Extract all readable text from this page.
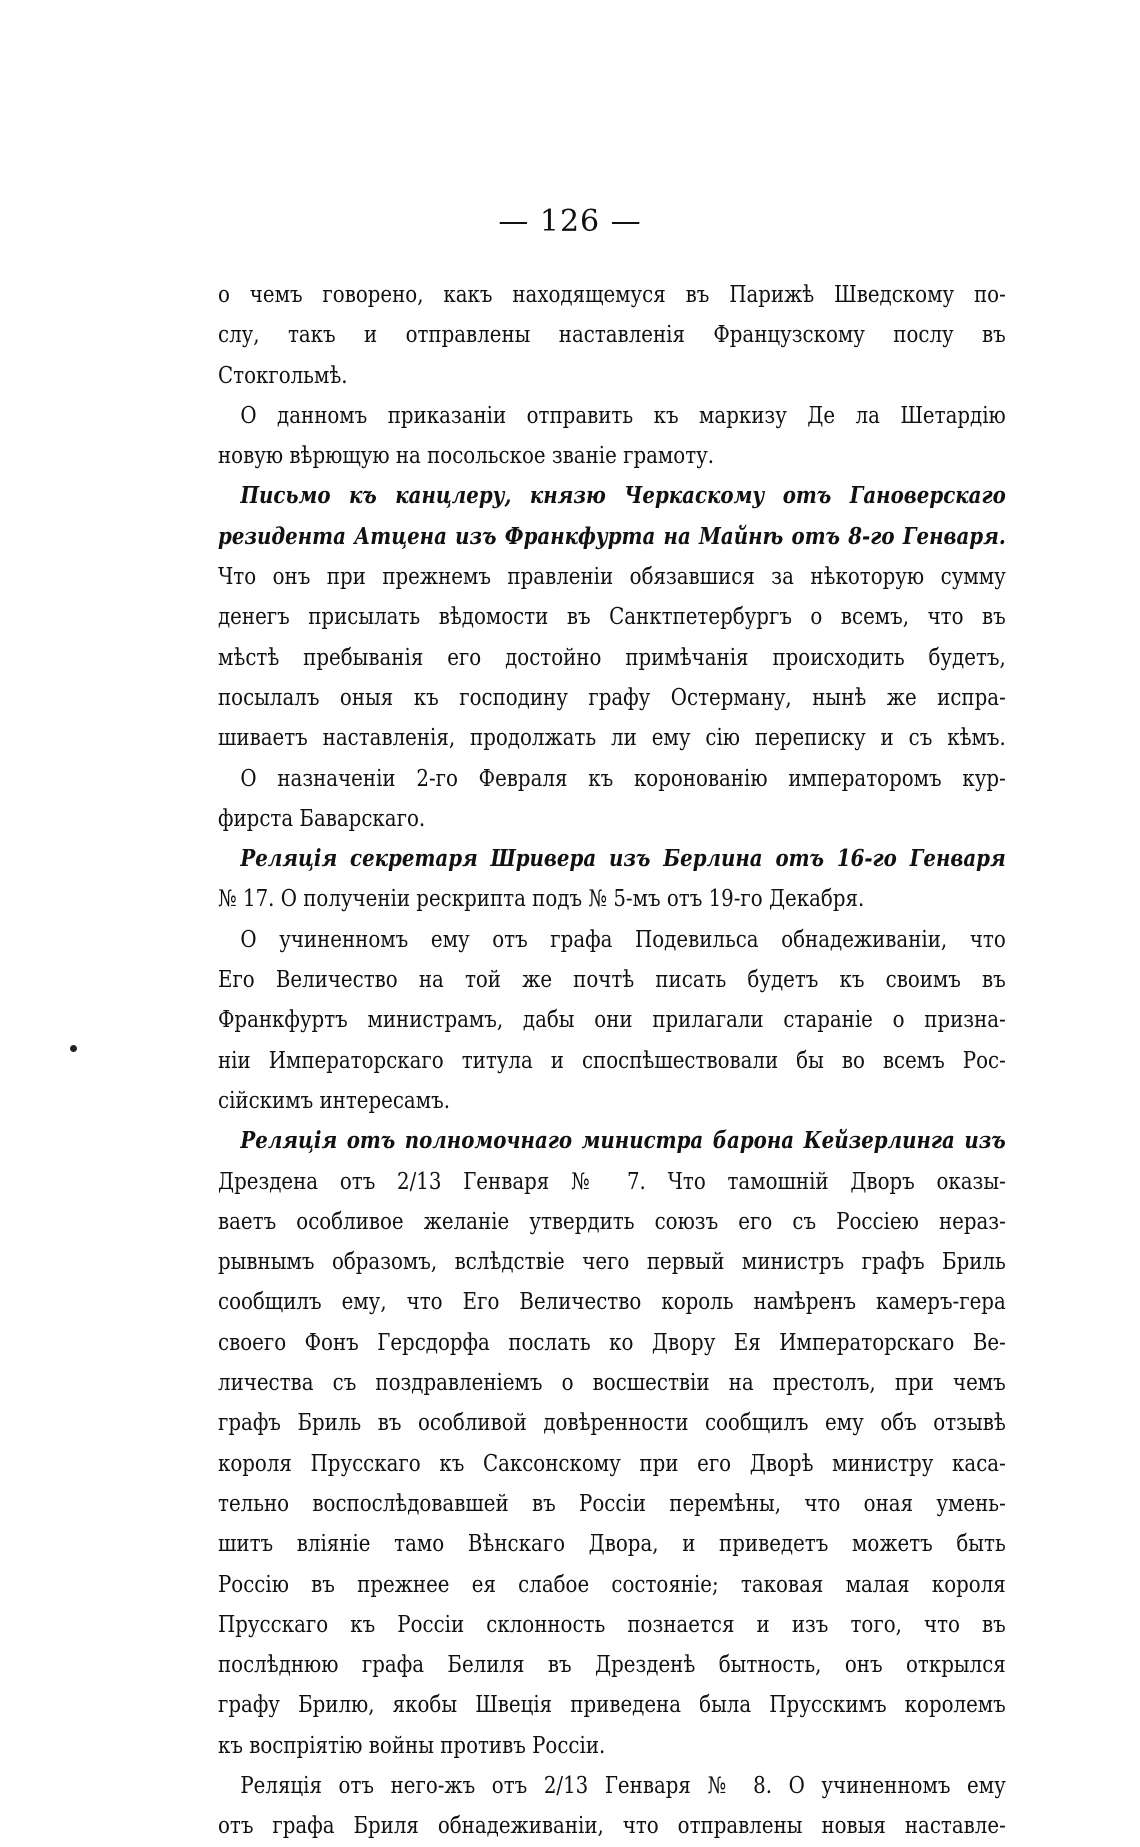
— 126 —
о чемъ говорено, какъ находящемуся въ Парижѣ Шведскому по-
слу, такъ и отправлены наставленія Французскому послу въ
Стокгольмѣ.
О данномъ приказаніи отправить къ маркизу Де ла Шетардію
новую вѣрющую на посольское званіе грамоту.
Письмо къ канцлеру, князю Черкаскому отъ Гановерскаго
резидента Атцена изъ Франкфурта на Майнѣ отъ 8-го Генваря.
Что онъ при прежнемъ правленіи обязавшися за нѣкоторую сумму
денегъ присылать вѣдомости въ Санктпетербургъ о всемъ, что въ
мѣстѣ пребыванія его достойно примѣчанія происходить будетъ,
посылалъ оныя къ господину графу Остерману, нынѣ же испра-
шиваетъ наставленія, продолжать ли ему сію переписку и съ кѣмъ.
О назначеніи 2-го Февраля къ коронованію императоромъ кур-
фирста Баварскаго.
Реляція секретаря Шривера изъ Берлина отъ 16-го Генваря
№ 17. О полученіи рескрипта подъ № 5-мъ отъ 19-го Декабря.
О учиненномъ ему отъ графа Подевильса обнадеживаніи, что
Его Величество на той же почтѣ писать будетъ къ своимъ въ
Франкфуртъ министрамъ, дабы они прилагали стараніе о призна-
ніи Императорскаго титула и споспѣшествовали бы во всемъ Рос-
сійскимъ интересамъ.
Реляція отъ полномочнаго министра барона Кейзерлинга изъ
Дрездена отъ 2/13 Генваря № 7. Что тамошній Дворъ оказы-
ваетъ особливое желаніе утвердить союзъ его съ Россіею нераз-
рывнымъ образомъ, вслѣдствіе чего первый министръ графъ Бриль
сообщилъ ему, что Его Величество король намѣренъ камеръ-гера
своего Фонъ Герсдорфа послать ко Двору Ея Императорскаго Ве-
личества съ поздравленіемъ о восшествіи на престолъ, при чемъ
графъ Бриль въ особливой довѣренности сообщилъ ему объ отзывѣ
короля Прусскаго къ Саксонскому при его Дворѣ министру каса-
тельно воспослѣдовавшей въ Россіи перемѣны, что оная умень-
шитъ вліяніе тамо Вѣнскаго Двора, и приведетъ можетъ быть
Россію въ прежнее ея слабое состояніе; таковая малая короля
Прусскаго къ Россіи склонность познается и изъ того, что въ
послѣднюю графа Белиля въ Дрезденѣ бытность, онъ открылся
графу Брилю, якобы Швеція приведена была Прусскимъ королемъ
къ воспріятію войны противъ Россіи.
Реляція отъ него-жъ отъ 2/13 Генваря № 8. О учиненномъ ему
отъ графа Бриля обнадеживаніи, что отправлены новыя наставле-
